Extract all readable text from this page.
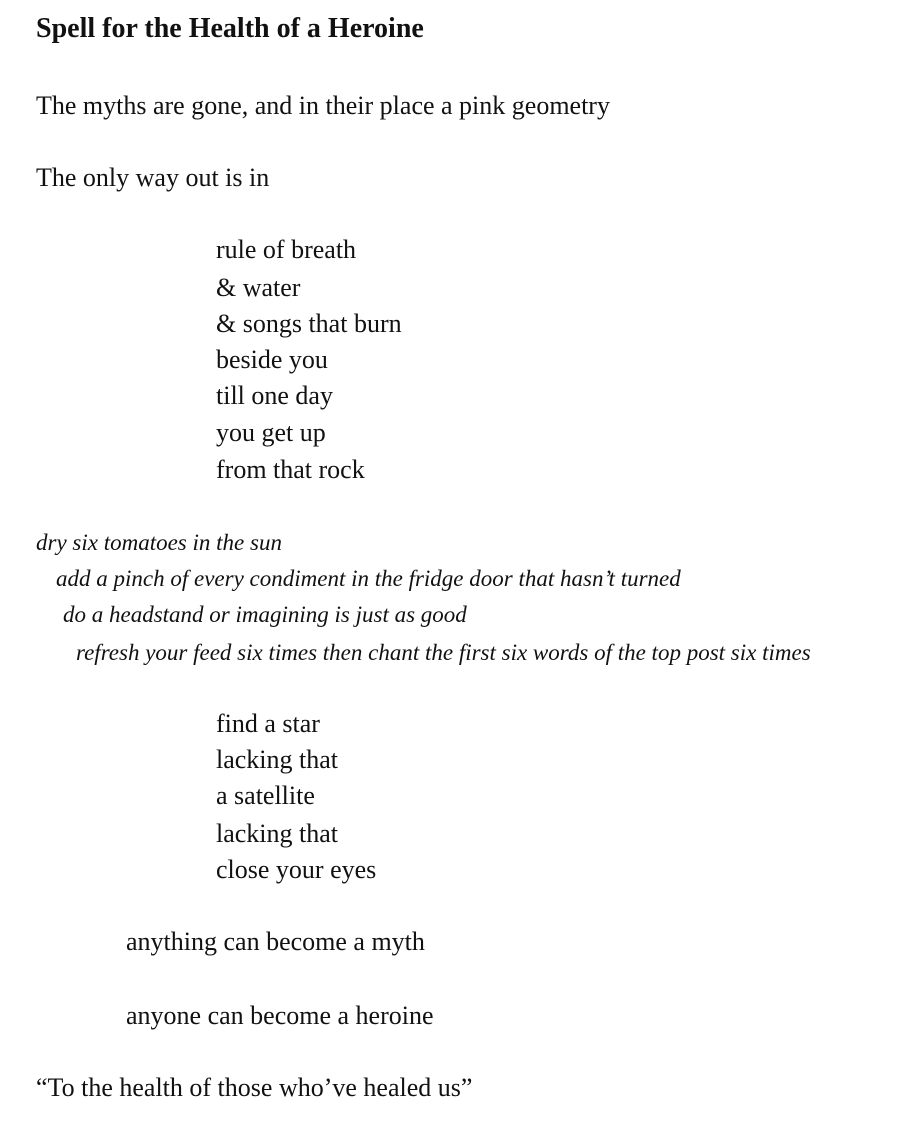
Spell for the Health of a Heroine
The myths are gone, and in their place a pink geometry
The only way out is in
rule of breath
& water
& songs that burn
beside you
till one day
you get up
from that rock
dry six tomatoes in the sun
add a pinch of every condiment in the fridge door that hasn’t turned
do a headstand or imagining is just as good
refresh your feed six times then chant the first six words of the top post six times
find a star
lacking that
a satellite
lacking that
close your eyes
anything can become a myth
anyone can become a heroine
“To the health of those who’ve healed us”
